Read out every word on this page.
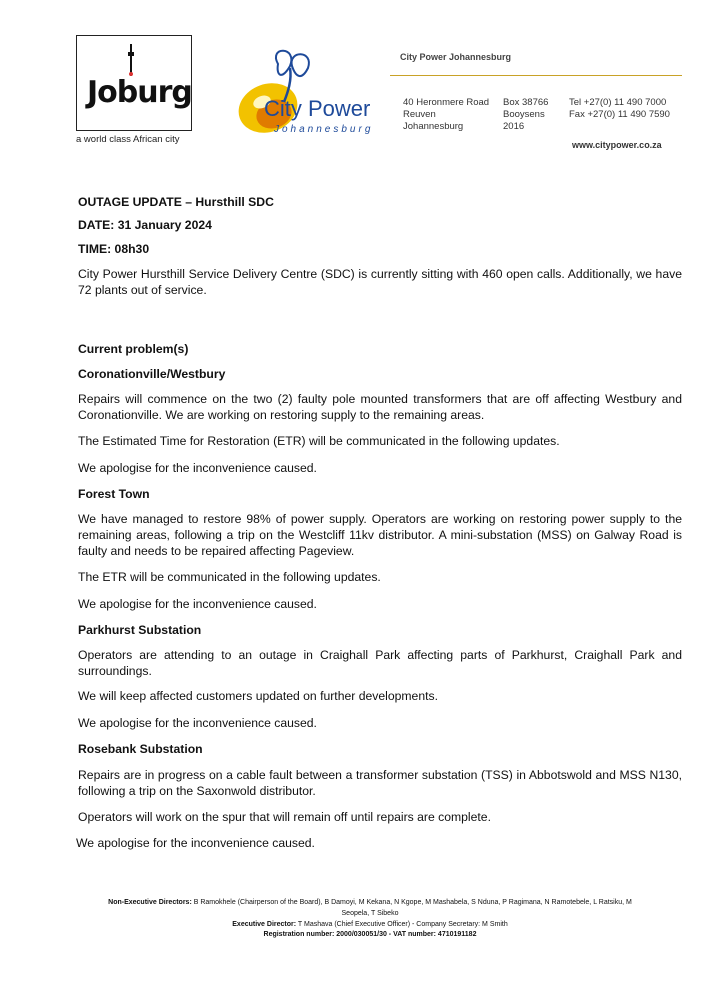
Joburg
a world class African city
City Power
Johannesburg
City Power Johannesburg
40 Heronmere Road
Reuven
Johannesburg
Box 38766
Booysens
2016
Tel +27(0) 11 490 7000
Fax +27(0) 11 490 7590
www.citypower.co.za
OUTAGE UPDATE – Hursthill SDC
DATE: 31 January 2024
TIME: 08h30
City Power Hursthill Service Delivery Centre (SDC) is currently sitting with 460 open calls. Additionally, we have 72 plants out of service.
Current problem(s)
Coronationville/Westbury
Repairs will commence on the two (2) faulty pole mounted transformers that are off affecting Westbury and Coronationville. We are working on restoring supply to the remaining areas.
The Estimated Time for Restoration (ETR) will be communicated in the following updates.
We apologise for the inconvenience caused.
Forest Town
We have managed to restore 98% of power supply. Operators are working on restoring power supply to the remaining areas, following a trip on the Westcliff 11kv distributor. A mini-substation (MSS) on Galway Road is faulty and needs to be repaired affecting Pageview.
The ETR will be communicated in the following updates.
We apologise for the inconvenience caused.
Parkhurst Substation
Operators are attending to an outage in Craighall Park affecting parts of Parkhurst, Craighall Park and surroundings.
We will keep affected customers updated on further developments.
We apologise for the inconvenience caused.
Rosebank Substation
Repairs are in progress on a cable fault between a transformer substation (TSS) in Abbotswold and MSS N130, following a trip on the Saxonwold distributor.
Operators will work on the spur that will remain off until repairs are complete.
We apologise for the inconvenience caused.
Non-Executive Directors: B Ramokhele (Chairperson of the Board), B Damoyi, M Kekana, N Kgope, M Mashabela, S Nduna, P Ragimana, N Ramotebele, L Ratsiku, M Seopela, T Sibeko
Executive Director: T Mashava (Chief Executive Officer) - Company Secretary: M Smith
Registration number: 2000/030051/30 - VAT number: 4710191182
